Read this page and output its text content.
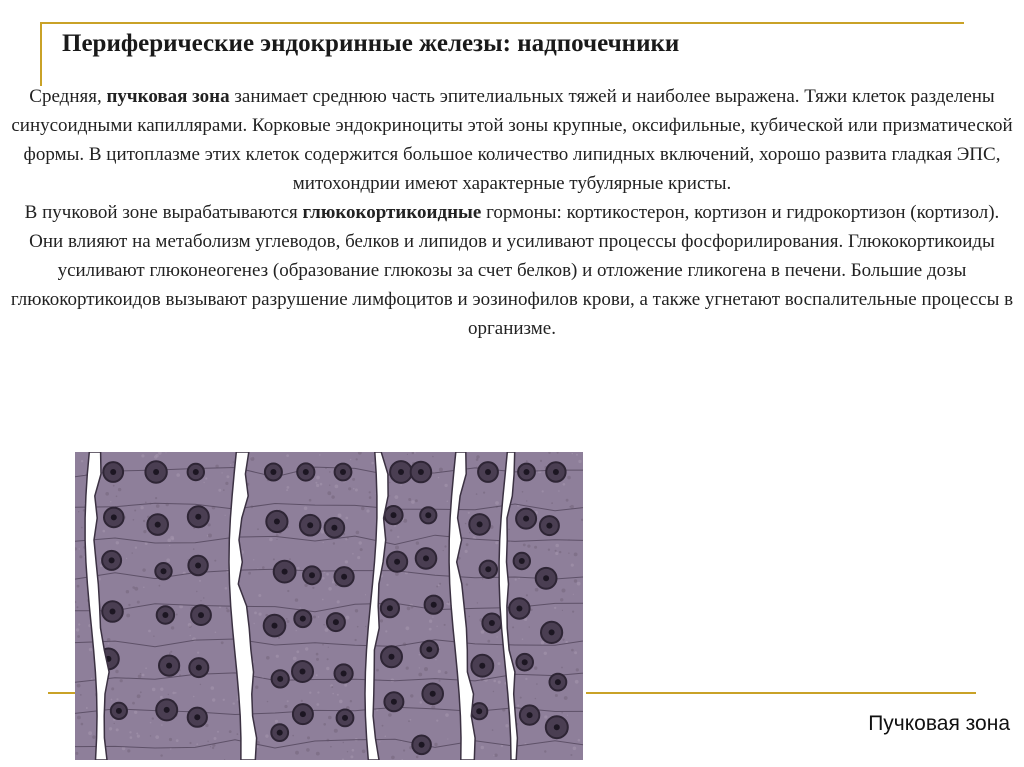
Периферические эндокринные железы: надпочечники

Средняя, пучковая зона занимает среднюю часть эпителиальных тяжей и наиболее выражена. Тяжи клеток разделены синусоидными капиллярами. Корковые эндокриноциты этой зоны крупные, оксифильные, кубической или призматической формы. В цитоплазме этих клеток содержится большое количество липидных включений, хорошо развита гладкая ЭПС, митохондрии имеют характерные тубулярные кристы.

В пучковой зоне вырабатываются глюкокортикоидные гормоны: кортикостерон, кортизон и гидрокортизон (кортизол). Они влияют на метаболизм углеводов, белков и липидов и усиливают процессы фосфорилирования. Глюкокортикоиды усиливают глюконеогенез (образование глюкозы за счет белков) и отложение гликогена в печени. Большие дозы глюкокортикоидов вызывают разрушение лимфоцитов и эозинофилов крови, а также угнетают воспалительные процессы в организме.

Пучковая зона
